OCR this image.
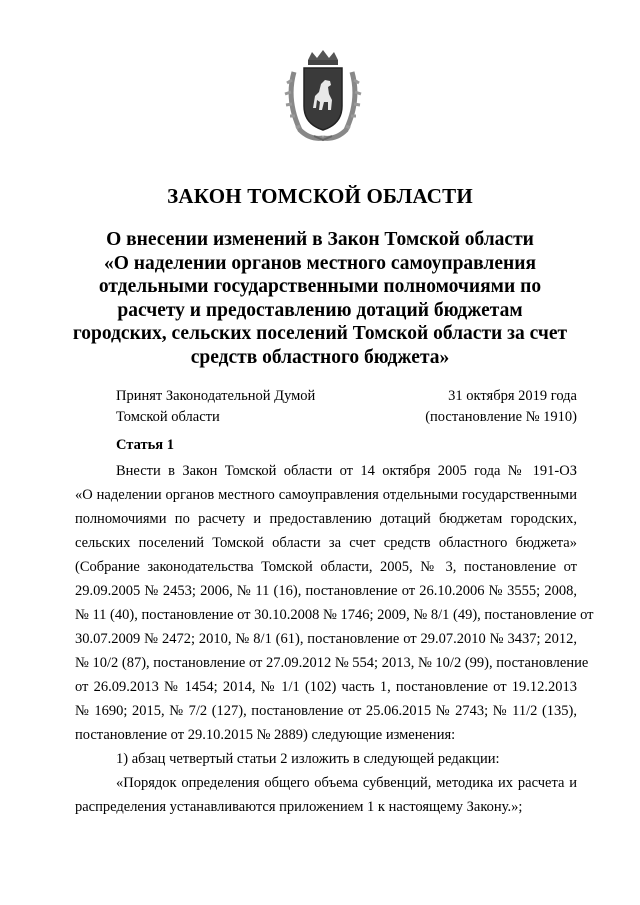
ЗАКОН ТОМСКОЙ ОБЛАСТИ
О внесении изменений в Закон Томской области
«О наделении органов местного самоуправления
отдельными государственными полномочиями по
расчету и предоставлению дотаций бюджетам
городских, сельских поселений Томской области за счет
средств областного бюджета»
Принят Законодательной Думой
Томской области
31 октября 2019 года
(постановление № 1910)
Статья 1
Внести в Закон Томской области от 14 октября 2005 года № 191-ОЗ
«О наделении органов местного самоуправления отдельными государственными
полномочиями по расчету и предоставлению дотаций бюджетам городских,
сельских поселений Томской области за счет средств областного бюджета»
(Собрание законодательства Томской области, 2005, № 3, постановление от
29.09.2005 № 2453; 2006, № 11 (16), постановление от 26.10.2006 № 3555; 2008,
№ 11 (40), постановление от 30.10.2008 № 1746; 2009, № 8/1 (49), постановление от
30.07.2009 № 2472; 2010, № 8/1 (61), постановление от 29.07.2010 № 3437; 2012,
№ 10/2 (87), постановление от 27.09.2012 № 554; 2013, № 10/2 (99), постановление
от 26.09.2013 № 1454; 2014, № 1/1 (102) часть 1, постановление от 19.12.2013
№ 1690; 2015, № 7/2 (127), постановление от 25.06.2015 № 2743; № 11/2 (135),
постановление от 29.10.2015 № 2889) следующие изменения:
1) абзац четвертый статьи 2 изложить в следующей редакции:
«Порядок определения общего объема субвенций, методика их расчета и
распределения устанавливаются приложением 1 к настоящему Закону.»;
